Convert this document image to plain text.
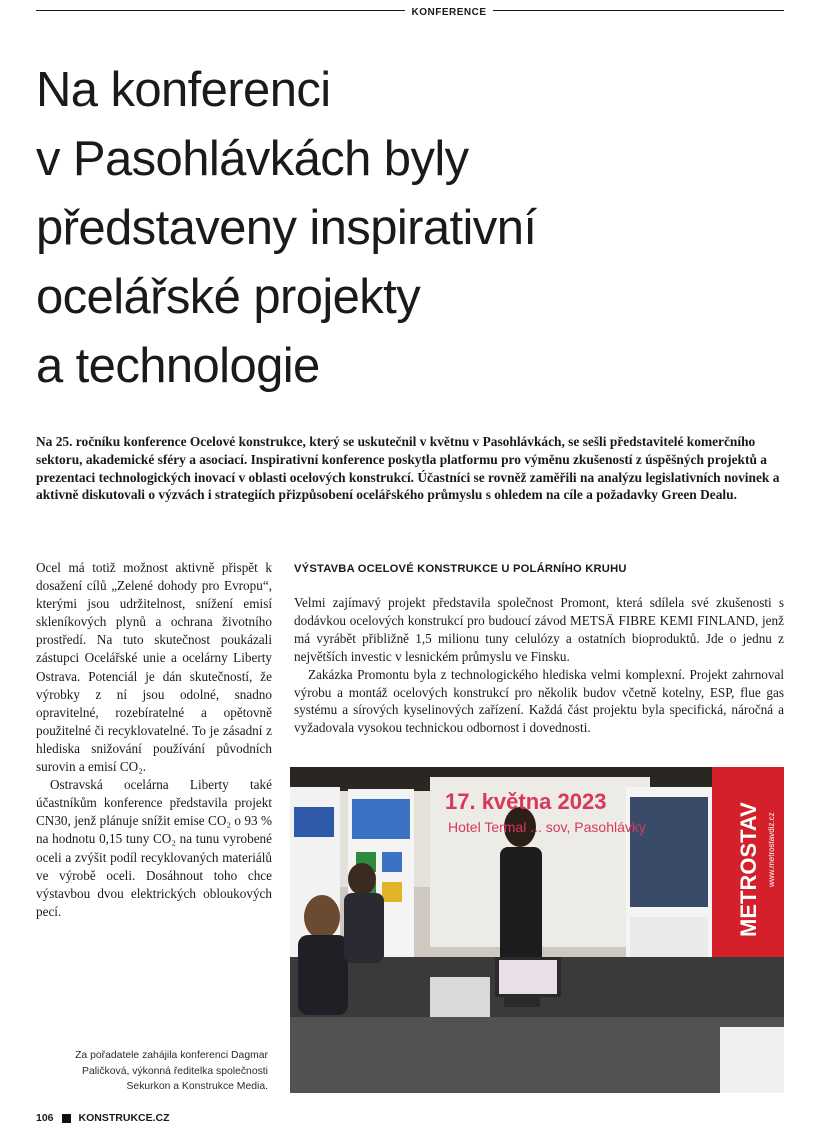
KONFERENCE
Na konferenci
v Pasohlávkách byly
představeny inspirativní
ocelářské projekty
a technologie
Na 25. ročníku konference Ocelové konstrukce, který se uskutečnil v květnu v Pasohlávkách, se sešli představitelé komerčního sektoru, akademické sféry a asociací. Inspirativní konference poskytla platformu pro výměnu zkušeností z úspěšných projektů a prezentaci technologických inovací v oblasti ocelových konstrukcí. Účastníci se rovněž zaměřili na analýzu legislativních novinek a aktivně diskutovali o výzvách i strategiích přizpůsobení ocelářského průmyslu s ohledem na cíle a požadavky Green Dealu.

Ocel má totiž možnost aktivně přispět k dosažení cílů „Zelené dohody pro Evropu“, kterými jsou udržitelnost, snížení emisí skleníkových plynů a ochrana životního prostředí. Na tuto skutečnost poukázali zástupci Ocelářské unie a ocelárny Liberty Ostrava. Potenciál je dán skutečností, že výrobky z ní jsou odolné, snadno opravitelné, rozebíratelné a opětovně použitelné či recyklovatelné. To je zásadní z hlediska snižování používání původních surovin a emisí CO₂.

Ostravská ocelárna Liberty také účastníkům konference představila projekt CN30, jenž plánuje snížit emise CO₂ o 93 % na hodnotu 0,15 tuny CO₂ na tunu vyrobené oceli a zvýšit podíl recyklovaných materiálů ve výrobě oceli. Dosáhnout toho chce výstavbou dvou elektrických obloukových pecí.

VÝSTAVBA OCELOVÉ KONSTRUKCE U POLÁRNÍHO KRUHU

Velmi zajímavý projekt představila společnost Promont, která sdílela své zkušenosti s dodávkou ocelových konstrukcí pro budoucí závod METSÄ FIBRE KEMI FINLAND, jenž má vyrábět přibližně 1,5 milionu tuny celulózy a ostatních bioproduktů. Jde o jednu z největších investic v lesnickém průmyslu ve Finsku.

Zakázka Promontu byla z technologického hlediska velmi komplexní. Projekt zahrnoval výrobu a montáž ocelových konstrukcí pro několik budov včetně kotelny, ESP, flue gas systému a sírových kyselinových zařízení. Každá část projektu byla specifická, náročná a vyžadovala vysokou technickou odbornost i dovednosti.

METROSTAV www.metrostavdiz.cz
17. května 2023
Hotel Termal ... sov, Pasohlávky
Za pořadatele zahájila konferenci Dagmar Paličková, výkonná ředitelka společnosti Sekurkon a Konstrukce Media.
106 KONSTRUKCE.CZ
